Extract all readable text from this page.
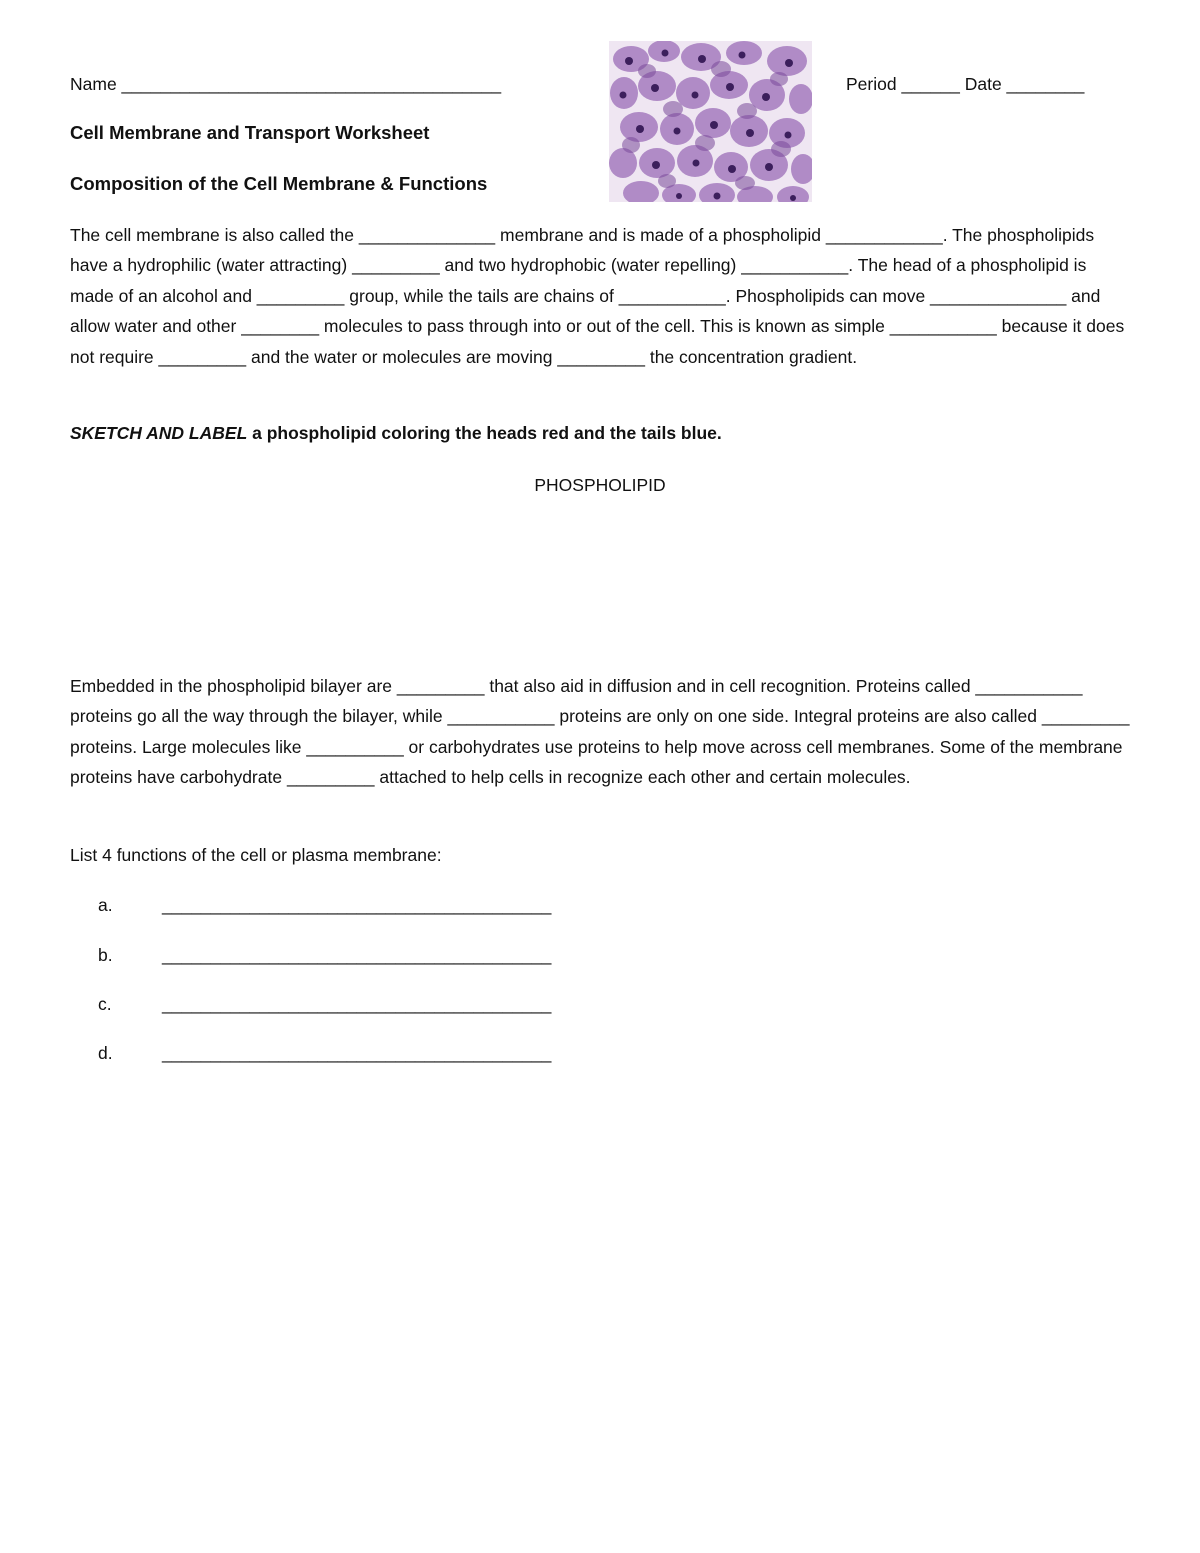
Name _______________________________________	Period ______ Date ________
Cell Membrane and Transport Worksheet
Composition of the Cell Membrane & Functions
The cell membrane is also called the ______________ membrane and is made of a phospholipid ____________. The phospholipids have a hydrophilic (water attracting) _________ and two hydrophobic (water repelling) ___________. The head of a phospholipid is made of an alcohol and _________ group, while the tails are chains of ___________. Phospholipids can move ______________ and allow water and other ________ molecules to pass through into or out of the cell. This is known as simple ___________ because it does not require _________ and the water or molecules are moving _________ the concentration gradient.
SKETCH AND LABEL a phospholipid coloring the heads red and the tails blue.
PHOSPHOLIPID
Embedded in the phospholipid bilayer are _________ that also aid in diffusion and in cell recognition. Proteins called ___________ proteins go all the way through the bilayer, while ___________ proteins are only on one side. Integral proteins are also called _________ proteins. Large molecules like __________ or carbohydrates use proteins to help move across cell membranes. Some of the membrane proteins have carbohydrate _________ attached to help cells in recognize each other and certain molecules.
List 4 functions of the cell or plasma membrane:
a.	________________________________________
b.	________________________________________
c.	________________________________________
d.	________________________________________
